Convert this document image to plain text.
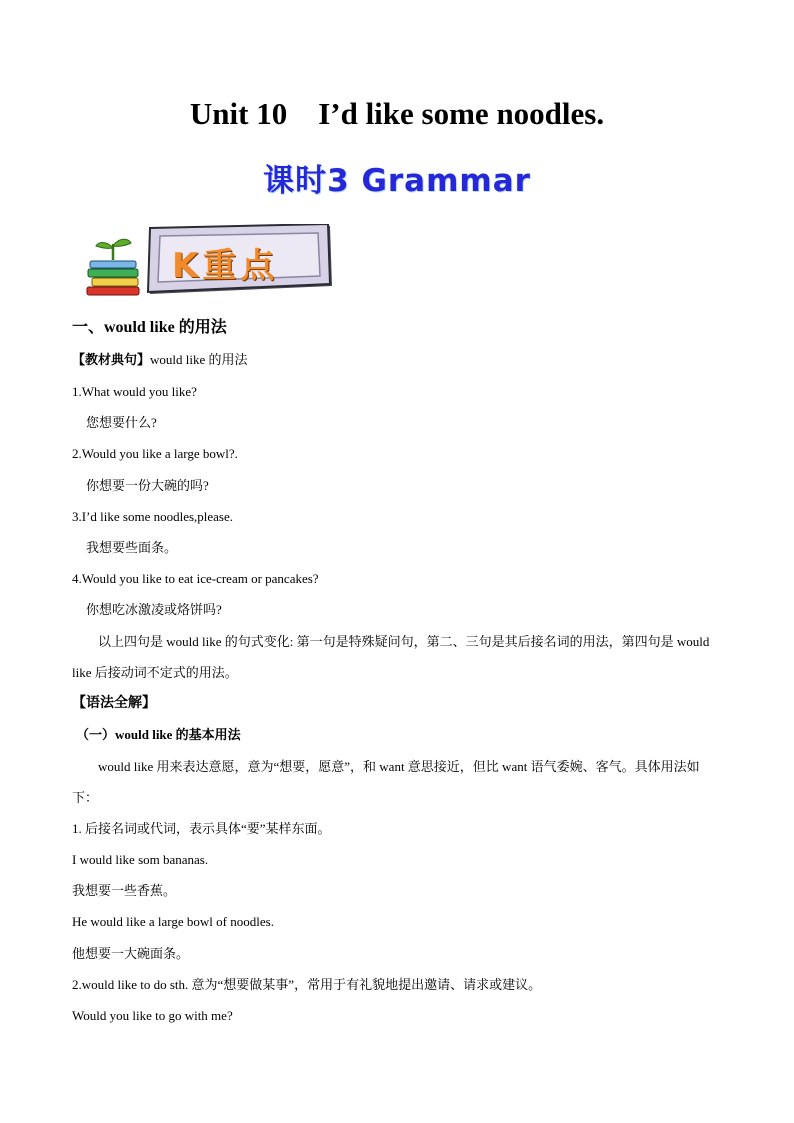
Unit 10    I’d like some noodles.
课时3 Grammar
K重点
一、would like 的用法
【教材典句】would like 的用法
1.What would you like?
您想要什么?
2.Would you like a large bowl?.
你想要一份大碗的吗?
3.I’d like some noodles,please.
我想要些面条。
4.Would you like to eat ice-cream or pancakes?
你想吃冰激凌或烙饼吗?
以上四句是 would like 的句式变化: 第一句是特殊疑问句，第二、三句是其后接名词的用法，第四句是 would like 后接动词不定式的用法。
【语法全解】
（一）would like 的基本用法
would like 用来表达意愿，意为“想要，愿意”，和 want 意思接近，但比 want 语气委婉、客气。具体用法如下：
1. 后接名词或代词，表示具体“要”某样东面。
I would like som bananas.
我想要一些香蕉。
He would like a large bowl of noodles.
他想要一大碗面条。
2.would like to do sth. 意为“想要做某事”，常用于有礼貌地提出邀请、请求或建议。
Would you like to go with me?
